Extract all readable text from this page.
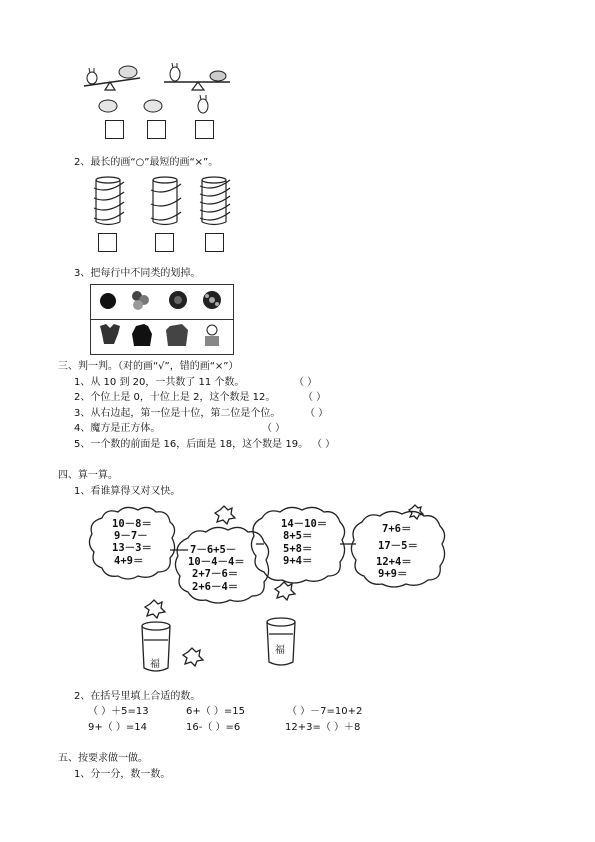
2、最长的画“○”最短的画“×”。
3、把每行中不同类的划掉。
三、判一判。（对的画“√”，错的画“×”）
1、从 10 到 20，一共数了 11 个数。	（ ）
2、个位上是 0，十位上是 2，这个数是 12。	（ ）
3、从右边起，第一位是十位，第二位是个位。 （ ）
4、魔方是正方体。	（ ）
5、一个数的前面是 16，后面是 18，这个数是 19。 （ ）
四、算一算。
1、看谁算得又对又快。
10－8＝
9－7－
13－3＝
4+9＝
7－6+5－
10－4－4＝
2+7－6＝
2+6－4＝
14－10＝
8+5＝
5+8＝
9+4＝
7+6＝
17－5＝
12+4＝
9+9＝
福
福
2、在括号里填上合适的数。
（ ）＋5=13	6+（ ）=15	（ ）－7=10+2
9+（ ）=14	16-（ ）=6	12+3=（ ）＋8
五、按要求做一做。
1、分一分，数一数。
